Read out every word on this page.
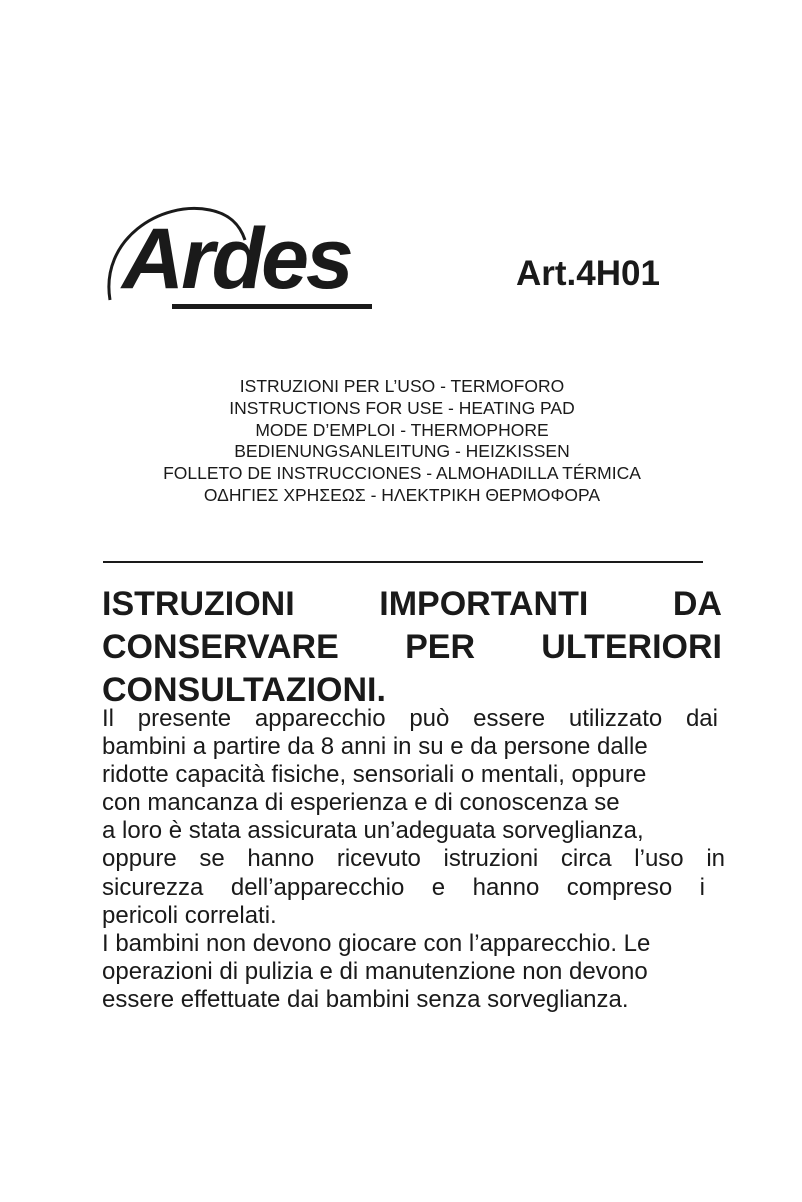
Ardes	Art.4H01
ISTRUZIONI PER L’USO - TERMOFORO
INSTRUCTIONS FOR USE - HEATING PAD
MODE D’EMPLOI - THERMOPHORE
BEDIENUNGSANLEITUNG - HEIZKISSEN
FOLLETO DE INSTRUCCIONES - ALMOHADILLA TÉRMICA
ΟΔΗΓΙΕΣ ΧΡΗΣΕΩΣ - ΗΛΕΚΤΡΙΚΗ ΘΕΡΜΟΦΟΡΑ
ISTRUZIONI IMPORTANTI DA
CONSERVARE PER ULTERIORI
CONSULTAZIONI.
Il presente apparecchio può essere utilizzato dai
bambini a partire da 8 anni in su e da persone dalle
ridotte capacità fisiche, sensoriali o mentali, oppure
con mancanza di esperienza e di conoscenza se
a loro è stata assicurata un’adeguata sorveglianza,
oppure se hanno ricevuto istruzioni circa l’uso in
sicurezza dell’apparecchio e hanno compreso i
pericoli correlati.
I bambini non devono giocare con l’apparecchio. Le
operazioni di pulizia e di manutenzione non devono
essere effettuate dai bambini senza sorveglianza.
